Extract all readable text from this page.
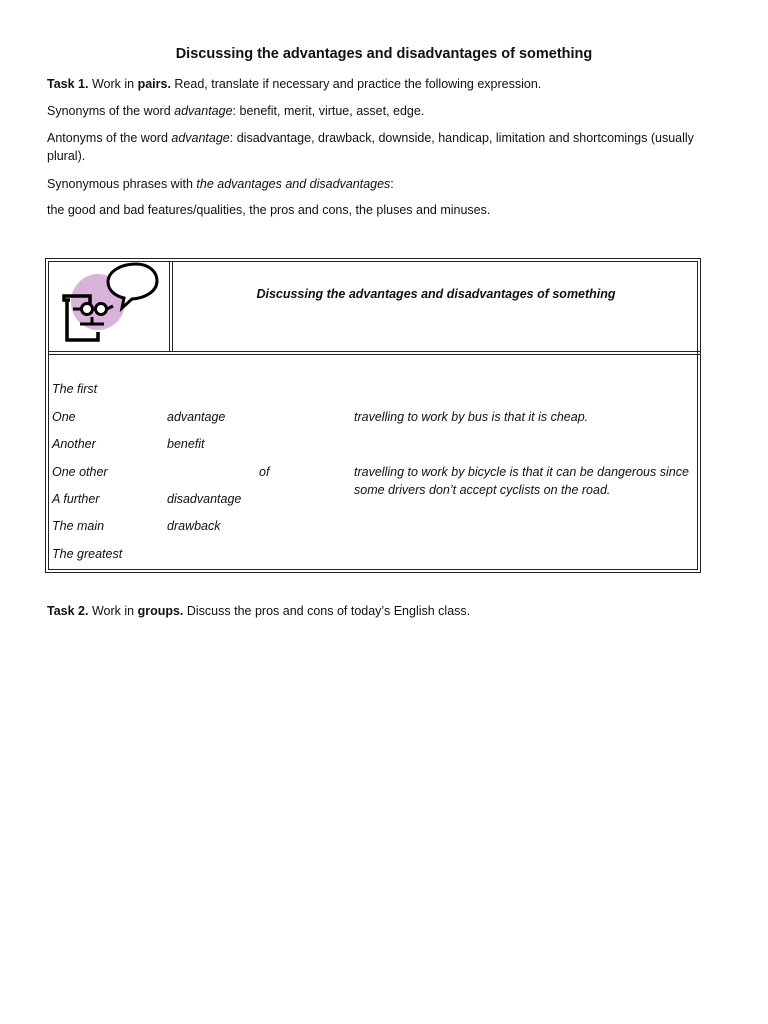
Discussing the advantages and disadvantages of something
Task 1. Work in pairs. Read, translate if necessary and practice the following expression.
Synonyms of the word advantage: benefit, merit, virtue, asset, edge.
Antonyms of the word advantage: disadvantage, drawback, downside, handicap, limitation and shortcomings (usually plural).
Synonymous phrases with the advantages and disadvantages:
the good and bad features/qualities, the pros and cons, the pluses and minuses.
Discussing the advantages and disadvantages of something
The first
One
Another
One other
A further
The main
The greatest
advantage
benefit
disadvantage
drawback
of
travelling to work by bus is that it is cheap.
travelling to work by bicycle is that it can be dangerous since some drivers don’t accept cyclists on the road.
Task 2. Work in groups. Discuss the pros and cons of today’s English class.
